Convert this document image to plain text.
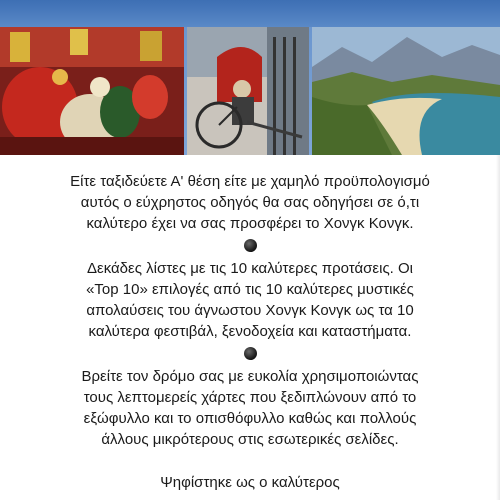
Είτε ταξιδεύετε Α' θέση είτε με χαμηλό προϋπολογισμό
αυτός ο εύχρηστος οδηγός θα σας οδηγήσει σε ό,τι
καλύτερο έχει να σας προσφέρει το Χονγκ Κονγκ.

Δεκάδες λίστες με τις 10 καλύτερες προτάσεις. Οι
«Top 10» επιλογές από τις 10 καλύτερες μυστικές
απολαύσεις του άγνωστου Χονγκ Κονγκ ως τα 10
καλύτερα φεστιβάλ, ξενοδοχεία και καταστήματα.

Βρείτε τον δρόμο σας με ευκολία χρησιμοποιώντας
τους λεπτομερείς χάρτες που ξεδιπλώνουν από το
εξώφυλλο και το οπισθόφυλλο καθώς και πολλούς
άλλους μικρότερους στις εσωτερικές σελίδες.

Ψηφίστηκε ως ο καλύτερος
